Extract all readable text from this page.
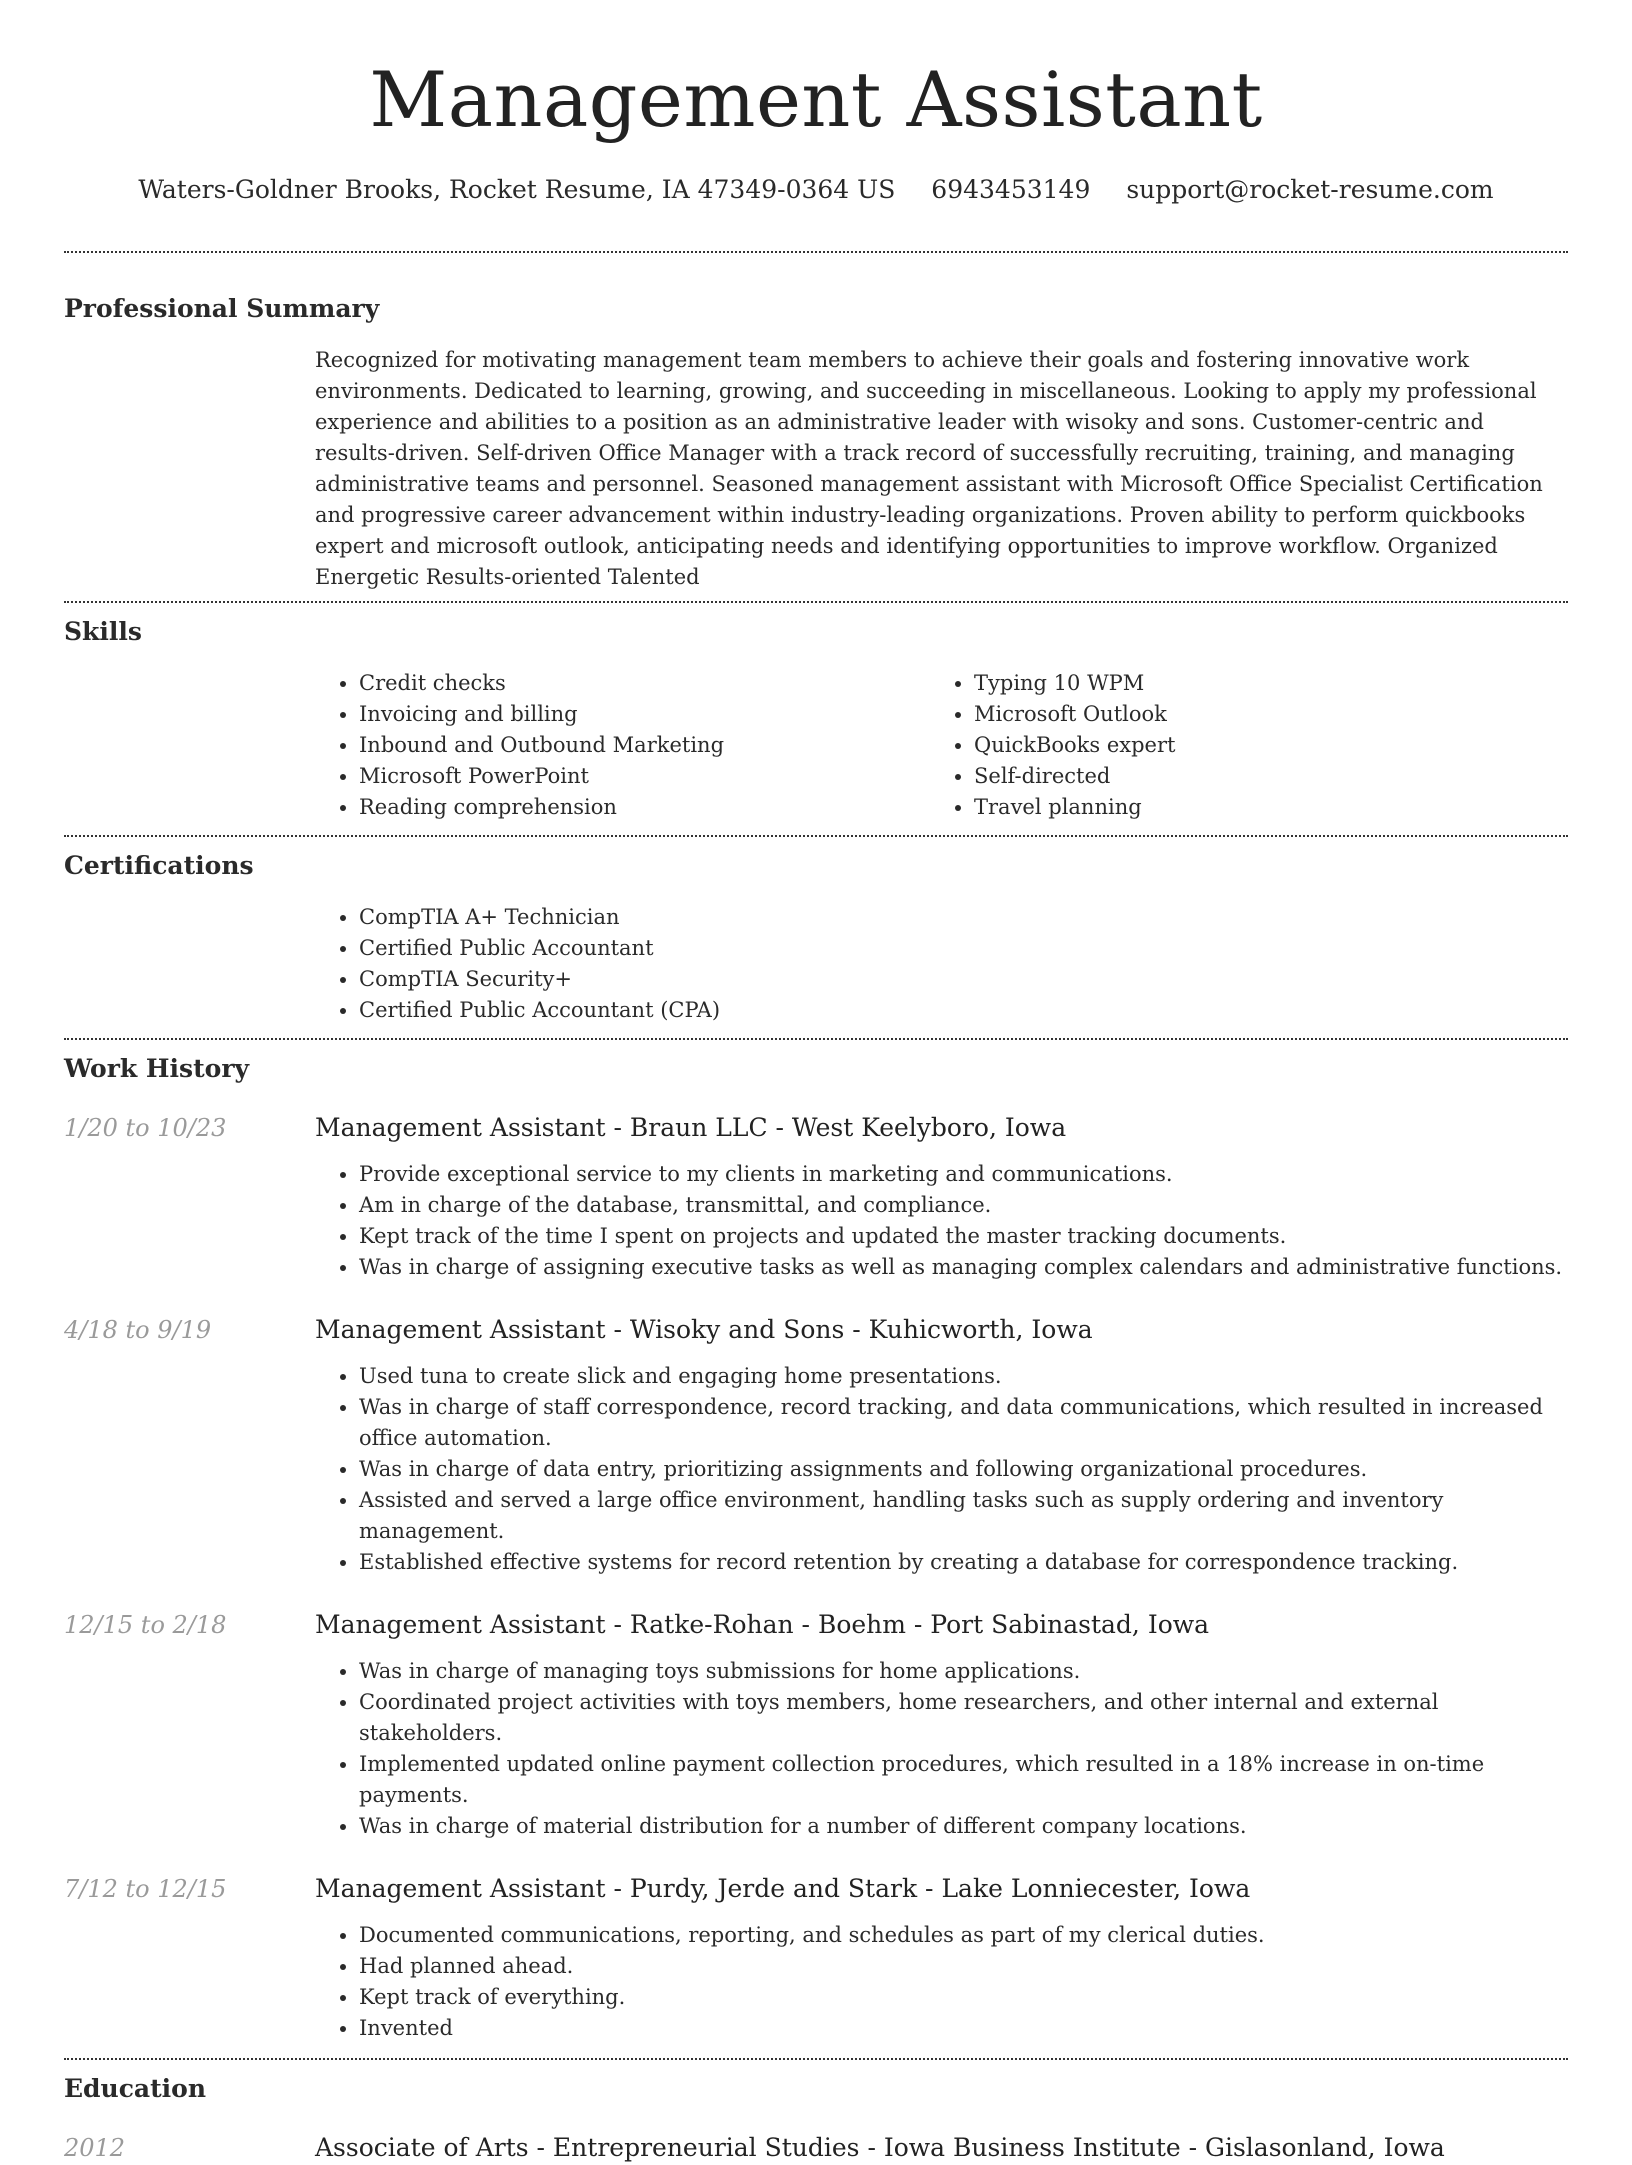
Management Assistant
Waters-Goldner Brooks, Rocket Resume, IA 47349-0364 US 6943453149 support@rocket-resume.com
Professional Summary
Recognized for motivating management team members to achieve their goals and fostering innovative work environments. Dedicated to learning, growing, and succeeding in miscellaneous. Looking to apply my professional experience and abilities to a position as an administrative leader with wisoky and sons. Customer-centric and results-driven. Self-driven Office Manager with a track record of successfully recruiting, training, and managing administrative teams and personnel. Seasoned management assistant with Microsoft Office Specialist Certification and progressive career advancement within industry-leading organizations. Proven ability to perform quickbooks expert and microsoft outlook, anticipating needs and identifying opportunities to improve workflow. Organized Energetic Results-oriented Talented
Skills
• Credit checks
• Invoicing and billing
• Inbound and Outbound Marketing
• Microsoft PowerPoint
• Reading comprehension
• Typing 10 WPM
• Microsoft Outlook
• QuickBooks expert
• Self-directed
• Travel planning
Certifications
• CompTIA A+ Technician
• Certified Public Accountant
• CompTIA Security+
• Certified Public Accountant (CPA)
Work History
1/20 to 10/23	Management Assistant - Braun LLC - West Keelyboro, Iowa
• Provide exceptional service to my clients in marketing and communications.
• Am in charge of the database, transmittal, and compliance.
• Kept track of the time I spent on projects and updated the master tracking documents.
• Was in charge of assigning executive tasks as well as managing complex calendars and administrative functions.
4/18 to 9/19	Management Assistant - Wisoky and Sons - Kuhicworth, Iowa
• Used tuna to create slick and engaging home presentations.
• Was in charge of staff correspondence, record tracking, and data communications, which resulted in increased office automation.
• Was in charge of data entry, prioritizing assignments and following organizational procedures.
• Assisted and served a large office environment, handling tasks such as supply ordering and inventory management.
• Established effective systems for record retention by creating a database for correspondence tracking.
12/15 to 2/18	Management Assistant - Ratke-Rohan - Boehm - Port Sabinastad, Iowa
• Was in charge of managing toys submissions for home applications.
• Coordinated project activities with toys members, home researchers, and other internal and external stakeholders.
• Implemented updated online payment collection procedures, which resulted in a 18% increase in on-time payments.
• Was in charge of material distribution for a number of different company locations.
7/12 to 12/15	Management Assistant - Purdy, Jerde and Stark - Lake Lonniecester, Iowa
• Documented communications, reporting, and schedules as part of my clerical duties.
• Had planned ahead.
• Kept track of everything.
• Invented
Education
2012	Associate of Arts - Entrepreneurial Studies - Iowa Business Institute - Gislasonland, Iowa
